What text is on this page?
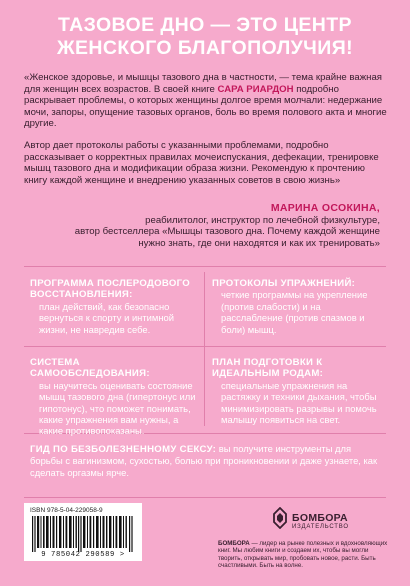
ТАЗОВОЕ ДНО — ЭТО ЦЕНТР
ЖЕНСКОГО БЛАГОПОЛУЧИЯ!
«Женское здоровье, и мышцы тазового дна в частности, — тема крайне важная для женщин всех возрастов. В своей книге САРА РИАРДОН подробно раскрывает проблемы, о которых женщины долгое время молчали: недержание мочи, запоры, опущение тазовых органов, боль во время полового акта и многие другие.
Автор дает протоколы работы с указанными проблемами, подробно рассказывает о корректных правилах мочеиспускания, дефекации, тренировке мышц тазового дна и модификации образа жизни. Рекомендую к прочтению книгу каждой женщине и внедрению указанных советов в свою жизнь»
МАРИНА ОСОКИНА,
реабилитолог, инструктор по лечебной физкультуре,
автор бестселлера «Мышцы тазового дна. Почему каждой женщине нужно знать, где они находятся и как их тренировать»
ПРОГРАММА ПОСЛЕРОДОВОГО ВОССТАНОВЛЕНИЯ:
план действий, как безопасно вернуться к спорту и интимной жизни, не навредив себе.
ПРОТОКОЛЫ УПРАЖНЕНИЙ:
четкие программы на укрепление (против слабости) и на расслабление (против спазмов и боли) мышц.
СИСТЕМА САМООБСЛЕДОВАНИЯ:
вы научитесь оценивать состояние мышц тазового дна (гипертонус или гипотонус), что поможет понимать, какие упражнения вам нужны, а какие противопоказаны.
ПЛАН ПОДГОТОВКИ К ИДЕАЛЬНЫМ РОДАМ:
специальные упражнения на растяжку и техники дыхания, чтобы минимизировать разрывы и помочь малышу появиться на свет.
ГИД ПО БЕЗБОЛЕЗНЕННОМУ СЕКСУ: вы получите инструменты для борьбы с вагинизмом, сухостью, болью при проникновении и даже узнаете, как сделать оргазмы ярче.
ISBN 978-5-04-229058-9
9 785042 290589 >
БОМБОРА
ИЗДАТЕЛЬСТВО
БОМБОРА — лидер на рынке полезных и вдохновляющих книг. Мы любим книги и создаем их, чтобы вы могли творить, открывать мир, пробовать новое, расти. Быть счастливыми. Быть на волне.
